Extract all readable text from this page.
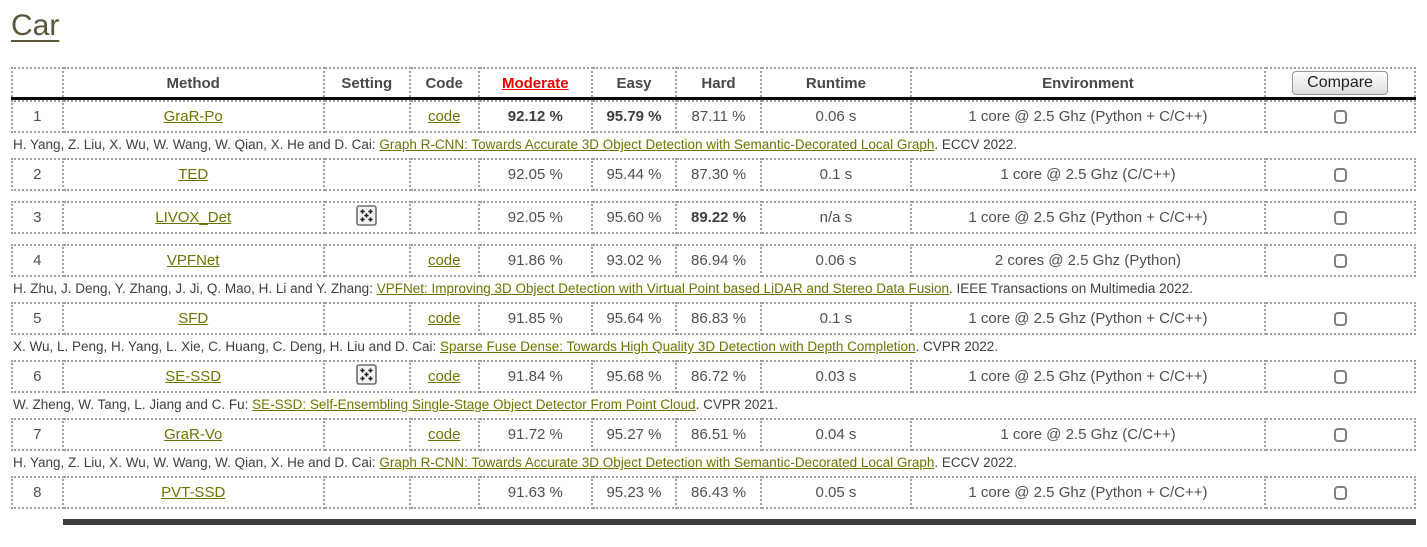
Car
	Method	Setting	Code	Moderate	Easy	Hard	Runtime	Environment	Compare
1	GraR-Po		code	92.12 %	95.79 %	87.11 %	0.06 s	1 core @ 2.5 Ghz (Python + C/C++)	
H. Yang, Z. Liu, X. Wu, W. Wang, W. Qian, X. He and D. Cai: Graph R-CNN: Towards Accurate 3D Object Detection with Semantic-Decorated Local Graph. ECCV 2022.
2	TED			92.05 %	95.44 %	87.30 %	0.1 s	1 core @ 2.5 Ghz (C/C++)	
3	LIVOX_Det			92.05 %	95.60 %	89.22 %	n/a s	1 core @ 2.5 Ghz (Python + C/C++)	
4	VPFNet		code	91.86 %	93.02 %	86.94 %	0.06 s	2 cores @ 2.5 Ghz (Python)	
H. Zhu, J. Deng, Y. Zhang, J. Ji, Q. Mao, H. Li and Y. Zhang: VPFNet: Improving 3D Object Detection with Virtual Point based LiDAR and Stereo Data Fusion. IEEE Transactions on Multimedia 2022.
5	SFD		code	91.85 %	95.64 %	86.83 %	0.1 s	1 core @ 2.5 Ghz (Python + C/C++)	
X. Wu, L. Peng, H. Yang, L. Xie, C. Huang, C. Deng, H. Liu and D. Cai: Sparse Fuse Dense: Towards High Quality 3D Detection with Depth Completion. CVPR 2022.
6	SE-SSD		code	91.84 %	95.68 %	86.72 %	0.03 s	1 core @ 2.5 Ghz (Python + C/C++)	
W. Zheng, W. Tang, L. Jiang and C. Fu: SE-SSD: Self-Ensembling Single-Stage Object Detector From Point Cloud. CVPR 2021.
7	GraR-Vo		code	91.72 %	95.27 %	86.51 %	0.04 s	1 core @ 2.5 Ghz (C/C++)	
H. Yang, Z. Liu, X. Wu, W. Wang, W. Qian, X. He and D. Cai: Graph R-CNN: Towards Accurate 3D Object Detection with Semantic-Decorated Local Graph. ECCV 2022.
8	PVT-SSD			91.63 %	95.23 %	86.43 %	0.05 s	1 core @ 2.5 Ghz (Python + C/C++)	
